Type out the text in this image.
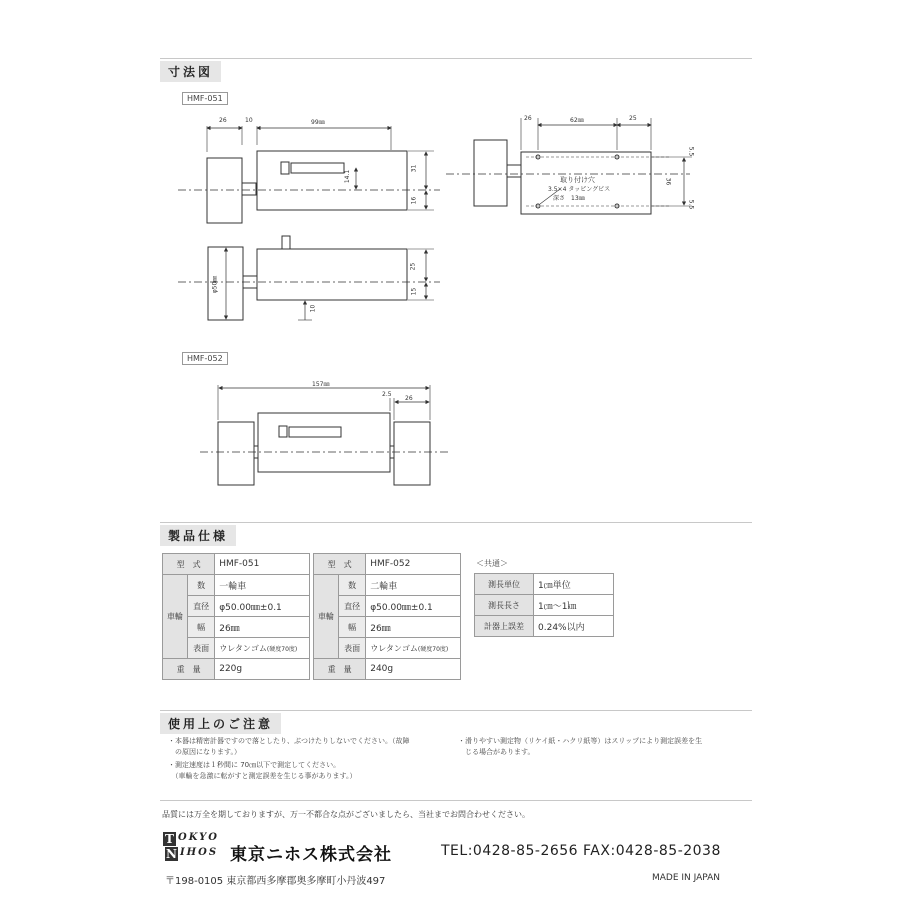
寸法図
HMF-051
HMF-052
26	10	99㎜
31
16
14.1
26	62㎜	25
5.5
36
5.5
取り付け穴
3.5×4 タッピングビス
深さ　13㎜
φ50㎜
25
15
10
157㎜
2.5
26
製品仕様
型　式		HMF-051
車輪	数	一輪車
	直径	φ50.00㎜±0.1
	幅	26㎜
	表面	ウレタンゴム(硬度70度)
重　量		220g
型　式		HMF-052
車輪	数	二輪車
	直径	φ50.00㎜±0.1
	幅	26㎜
	表面	ウレタンゴム(硬度70度)
重　量		240g
＜共通＞
測長単位	1㎝単位
測長長さ	1㎝～1㎞
計器上誤差	0.24%以内
使用上のご注意
・本器は精密計器ですので落としたり、ぶつけたりしないでください。（故障
　の原因になります。）
・測定速度は１秒間に 70㎝以下で測定してください。
　（車輪を急激に転がすと測定誤差を生じる事があります。）
・滑りやすい測定物（リケイ紙・ハクリ紙等）はスリップにより測定誤差を生
　じる場合があります。
品質には万全を期しておりますが、万一不都合な点がございましたら、当社までお問合わせください。
T OKYO
N IHOS 東京ニホス株式会社	TEL:0428-85-2656 FAX:0428-85-2038
〒198-0105 東京都西多摩郡奥多摩町小丹波497	MADE IN JAPAN
